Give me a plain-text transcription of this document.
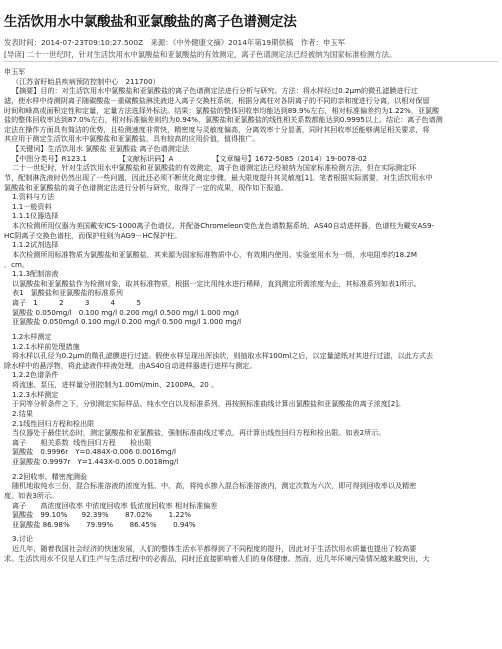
生活饮用水中氯酸盐和亚氯酸盐的离子色谱测定法
发表时间：2014-07-23T09:10:27.500Z　来源：《中外健康文摘》2014年第19期供稿　作者：申玉军
[导读] 二十一世纪时，针对生活饮用水中氯酸盐和亚氯酸盐的有效测定，离子色谱测定法已经被纳为国家标准检测方法。

申玉军

（江苏省盱眙县疾病预防控制中心　211700）

【摘要】目的：对生活饮用水中氯酸盐和亚氯酸盐的离子色谱测定法进行分析与研究。方法：将水样经过0.2μm的微孔滤膜进行过

滤，使水样中待测阴离子随碳酸盐－重碳酸盐淋洗液进入离子交换柱系统，根据分离柱对各阴离子的不同的亲和度进行分离，以相对保留

时间和峰高或面积定性和定量，定量方法选择外标法。结果：氯酸盐的整体回收率均能达到89.9%左右，相对标准偏差约为1.22%，亚氯酸

盐的整体回收率达到87.0%左右，相对标准偏差则约为0.94%，氯酸盐和亚氯酸盐的线性相关系数都能达到0.9995以上。结论：离子色谱测

定法在操作方面具有简洁的优势，且检测速度非常快，精密度与灵敏度偏高，分离效率十分显著，同时其回收率还能够满足相关要求，将

其应用于测定生活饮用水中氯酸盐和亚氯酸盐，具有较高的应用价值，值得推广。

【关键词】生活饮用水 氯酸盐 亚氯酸盐 离子色谱测定法

【中图分类号】R123.1　　　　　【文献标识码】A　　　　　　【文章编号】1672-5085（2014）19-0078-02

二十一世纪时，针对生活饮用水中氯酸盐和亚氯酸盐的有效测定，离子色谱测定法已经被纳为国家标准检测方法，但在实际测定环

节，配制淋洗液时仍然出现了一些问题，因此还必须不断优化测定步骤，最大限度提升其灵敏度[1]。笔者根据实际需要，对生活饮用水中

氯酸盐和亚氯酸盐的离子色谱测定法进行分析与研究，取得了一定的成果，现作如下报道。

1.资料与方法

1.1一般资料

1.1.1仪器选择

本次检测所用仪器为美国戴安ICS-1000离子色谱仪，并配备Chromeleon变色龙色谱数据系统，AS40自动进样器，色谱柱为戴安AS9-

HC阴离子交换色谱柱，而保护柱则为AG9－HC保护柱。

1.1.2试剂选择

本次检测所用标准物质为氯酸盐和亚氯酸盐，其来源为国家标准物质中心，有效期内使用。实验室用水为一级，水电阻率约18.2M

．cm。

1.1.3配制溶液

以氯酸盐和亚氯酸盐作为检测对象，取其标准物质，根据一定比用纯水进行稀释，直到测定所需浓度为止，其标准系列如表1所示。

表1　氯酸盐和亚氯酸盐的标准系列

离子　1　　　2　　　3　　　4　　　5

氯酸盐 0.050mg/l　0.100 mg/l 0.200 mg/l 0.500 mg/l 1.000 mg/l

亚氯酸盐 0.050mg/l 0.100 mg/l 0.200 mg/l 0.500 mg/l 1.000 mg/l

1.2水样测定

1.2.1水样前处理措施

将水样以孔径为0.2μm的微孔滤膜进行过滤。假使水样呈现出浑浊状，则抽取水样100ml之后，以定量滤纸对其进行过滤，以此方式去

除水样中的悬浮物，将此滤液作样液处理，由AS40自动进样器进行进样与测定。

1.2.2色谱条件

将流速、泵压，进样量分别控制为1.00ml/min、2100PA、20 。

1.2.3水样测定

于同等分析条件之下，分别测定实际样品、纯水空白以及标准系列，再按照标准曲线计算出氯酸盐和亚氯酸盐的离子浓度[2]。

2.结果

2.1线性回归方程和检出限

当仪器处于最佳状态时，测定氯酸盐和亚氯酸盐，强制标准曲线过零点，再计算出线性回归方程和检出限。如表2所示。

离子　　相关系数  线性回归方程　　检出限

氯酸盐　0.9996r　Y=0.484X-0.006 0.0016mg/l

亚氯酸盐 0.9997r　Y=1.443X-0.005 0.0018mg/l

2.2回收率、精密度测验

随机地取纯水三份，混合标准溶液的浓度为低、中、高，将纯水掺入混合标准溶液内，测定次数为六次，即可得到回收率以及精密

度。如表3所示。

离子　　高浓度回收率 中浓度回收率 低浓度回收率 相对标准偏差

氯酸盐　99.10%　　92.39%　　 87.02%　　 1.22%

亚氯酸盐 86.98%　　 79.99%　　 86.45%　　 0.94%

3.讨论

近几年，随着我国社会经济的快速发展，人们的整体生活水平都得到了不同程度的提升，因此对于生活饮用水质量也提出了较高要

求。生活饮用水不仅是人们生产与生活过程中的必需品，同时还直接影响着人们的身体健康。然而，近几年环境污染情况越来越突出，大
